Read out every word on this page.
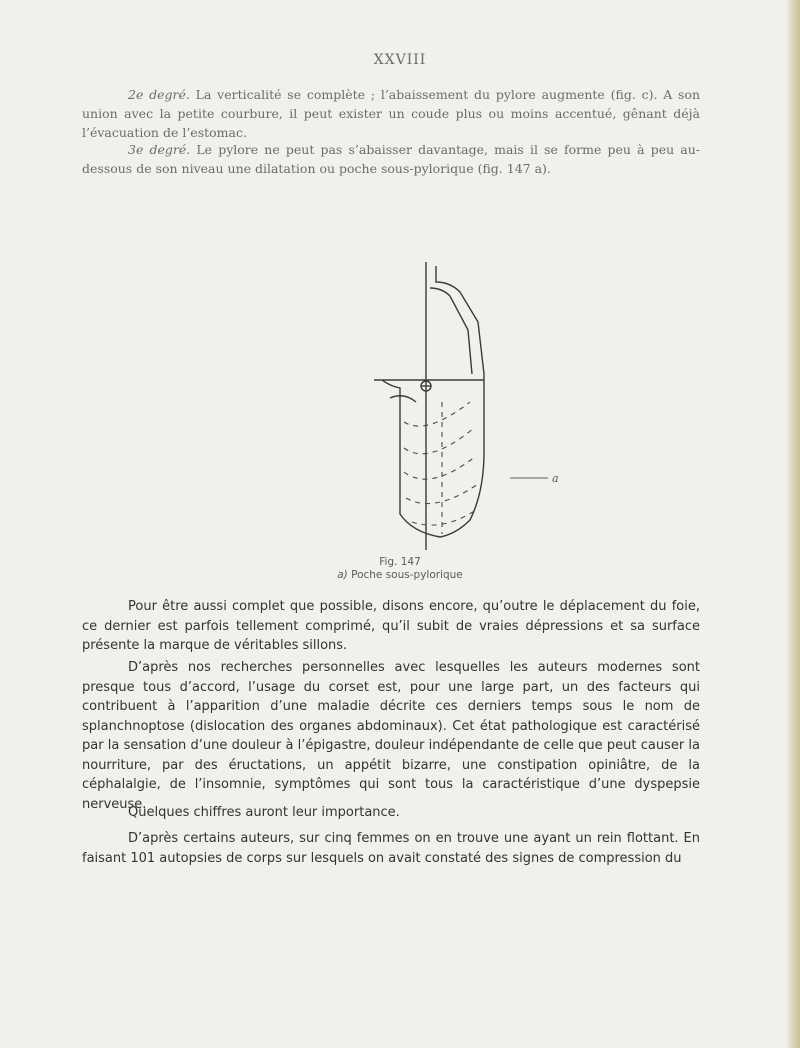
XXVIII

2e degré. La verticalité se complète ; l’abaissement du pylore augmente (fig. c). A son union avec la petite courbure, il peut exister un coude plus ou moins accentué, gênant déjà l’évacuation de l’estomac.

3e degré. Le pylore ne peut pas s’abaisser davantage, mais il se forme peu à peu au-dessous de son niveau une dilatation ou poche sous-pylorique (fig. 147 a).

a
Fig. 147
a) Poche sous-pylorique

Pour être aussi complet que possible, disons encore, qu’outre le déplacement du foie, ce dernier est parfois tellement comprimé, qu’il subit de vraies dépressions et sa surface présente la marque de véritables sillons.

D’après nos recherches personnelles avec lesquelles les auteurs modernes sont presque tous d’accord, l’usage du corset est, pour une large part, un des facteurs qui contribuent à l’apparition d’une maladie décrite ces derniers temps sous le nom de splanchnoptose (dislocation des organes abdominaux). Cet état pathologique est caractérisé par la sensation d’une douleur à l’épigastre, douleur indépendante de celle que peut causer la nourriture, par des éructations, un appétit bizarre, une constipation opiniâtre, de la céphalalgie, de l’insomnie, symptômes qui sont tous la caractéristique d’une dyspepsie nerveuse.

Quelques chiffres auront leur importance.

D’après certains auteurs, sur cinq femmes on en trouve une ayant un rein flottant. En faisant 101 autopsies de corps sur lesquels on avait constaté des signes de compression du
